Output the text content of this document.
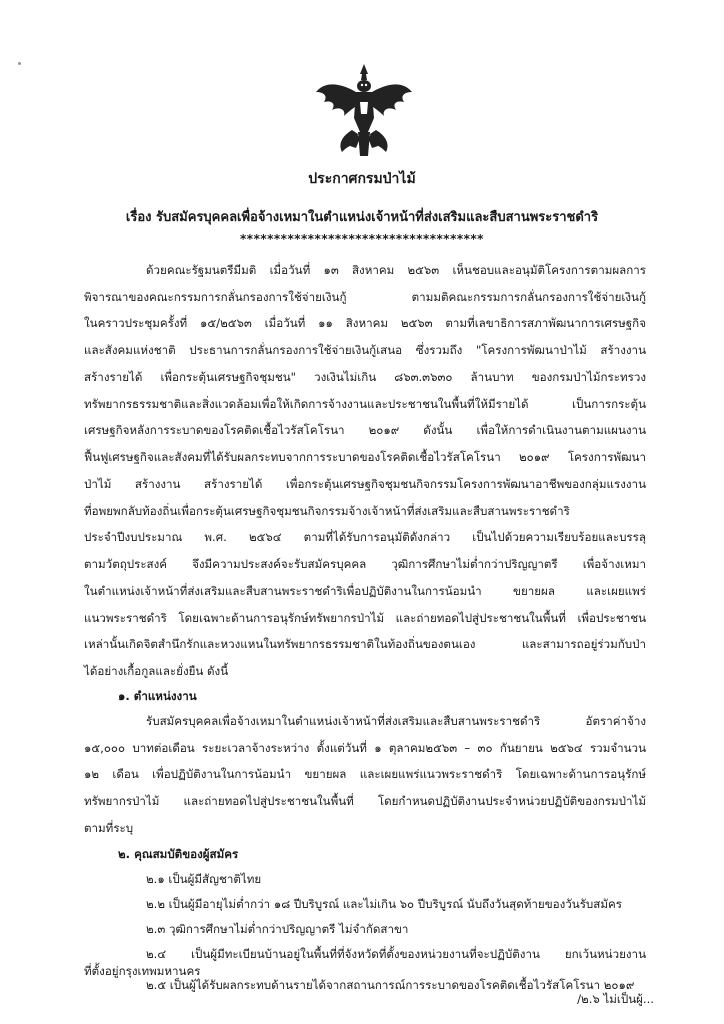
ประกาศกรมป่าไม้
เรื่อง รับสมัครบุคคลเพื่อจ้างเหมาในตำแหน่งเจ้าหน้าที่ส่งเสริมและสืบสานพระราชดำริ
************************************
ด้วยคณะรัฐมนตรีมีมติ เมื่อวันที่ ๑๓ สิงหาคม ๒๕๖๓ เห็นชอบและอนุมัติโครงการตามผลการ
พิจารณาของคณะกรรมการกลั่นกรองการใช้จ่ายเงินกู้ ตามมติคณะกรรมการกลั่นกรองการใช้จ่ายเงินกู้
ในคราวประชุมครั้งที่ ๑๕/๒๕๖๓ เมื่อวันที่ ๑๑ สิงหาคม ๒๕๖๓ ตามที่เลขาธิการสภาพัฒนาการเศรษฐกิจ
และสังคมแห่งชาติ ประธานการกลั่นกรองการใช้จ่ายเงินกู้เสนอ ซึ่งรวมถึง "โครงการพัฒนาป่าไม้ สร้างงาน
สร้างรายได้ เพื่อกระตุ้นเศรษฐกิจชุมชน" วงเงินไม่เกิน ๘๖๓.๓๖๓๐ ล้านบาท ของกรมป่าไม้กระทรวง
ทรัพยากรธรรมชาติและสิ่งแวดล้อมเพื่อให้เกิดการจ้างงานและประชาชนในพื้นที่ให้มีรายได้ เป็นการกระตุ้น
เศรษฐกิจหลังการระบาดของโรคติดเชื้อไวรัสโคโรนา ๒๐๑๙ ดังนั้น เพื่อให้การดำเนินงานตามแผนงาน
ฟื้นฟูเศรษฐกิจและสังคมที่ได้รับผลกระทบจากการระบาดของโรคติดเชื้อไวรัสโคโรนา ๒๐๑๙ โครงการพัฒนา
ป่าไม้ สร้างงาน สร้างรายได้ เพื่อกระตุ้นเศรษฐกิจชุมชนกิจกรรมโครงการพัฒนาอาชีพของกลุ่มแรงงาน
ที่อพยพกลับท้องถิ่นเพื่อกระตุ้นเศรษฐกิจชุมชนกิจกรรมจ้างเจ้าหน้าที่ส่งเสริมและสืบสานพระราชดำริ
ประจำปีงบประมาณ พ.ศ. ๒๕๖๔ ตามที่ได้รับการอนุมัติดังกล่าว เป็นไปด้วยความเรียบร้อยและบรรลุ
ตามวัตถุประสงค์ จึงมีความประสงค์จะรับสมัครบุคคล วุฒิการศึกษาไม่ต่ำกว่าปริญญาตรี เพื่อจ้างเหมา
ในตำแหน่งเจ้าหน้าที่ส่งเสริมและสืบสานพระราชดำริเพื่อปฏิบัติงานในการน้อมนำ ขยายผล และเผยแพร่
แนวพระราชดำริ โดยเฉพาะด้านการอนุรักษ์ทรัพยากรป่าไม้ และถ่ายทอดไปสู่ประชาชนในพื้นที่ เพื่อประชาชน
เหล่านั้นเกิดจิตสำนึกรักและหวงแหนในทรัพยากรธรรมชาติในท้องถิ่นของตนเอง และสามารถอยู่ร่วมกับป่า
ได้อย่างเกื้อกูลและยั่งยืน ดังนี้
๑. ตำแหน่งงาน
รับสมัครบุคคลเพื่อจ้างเหมาในตำแหน่งเจ้าหน้าที่ส่งเสริมและสืบสานพระราชดำริ อัตราค่าจ้าง
๑๕,๐๐๐ บาทต่อเดือน ระยะเวลาจ้างระหว่าง ตั้งแต่วันที่ ๑ ตุลาคม๒๕๖๓ – ๓๐ กันยายน ๒๕๖๔ รวมจำนวน
๑๒ เดือน เพื่อปฏิบัติงานในการน้อมนำ ขยายผล และเผยแพร่แนวพระราชดำริ โดยเฉพาะด้านการอนุรักษ์
ทรัพยากรป่าไม้ และถ่ายทอดไปสู่ประชาชนในพื้นที่ โดยกำหนดปฏิบัติงานประจำหน่วยปฏิบัติของกรมป่าไม้
ตามที่ระบุ
๒. คุณสมบัติของผู้สมัคร
๒.๑ เป็นผู้มีสัญชาติไทย
๒.๒ เป็นผู้มีอายุไม่ต่ำกว่า ๑๘ ปีบริบูรณ์ และไม่เกิน ๖๐ ปีบริบูรณ์ นับถึงวันสุดท้ายของวันรับสมัคร
๒.๓ วุฒิการศึกษาไม่ต่ำกว่าปริญญาตรี ไม่จำกัดสาขา
๒.๔ เป็นผู้มีทะเบียนบ้านอยู่ในพื้นที่ที่จังหวัดที่ตั้งของหน่วยงานที่จะปฏิบัติงาน ยกเว้นหน่วยงาน
ที่ตั้งอยู่กรุงเทพมหานคร
๒.๕ เป็นผู้ได้รับผลกระทบด้านรายได้จากสถานการณ์การระบาดของโรคติดเชื้อไวรัสโคโรนา ๒๐๑๙
/๒.๖ ไม่เป็นผู้...
